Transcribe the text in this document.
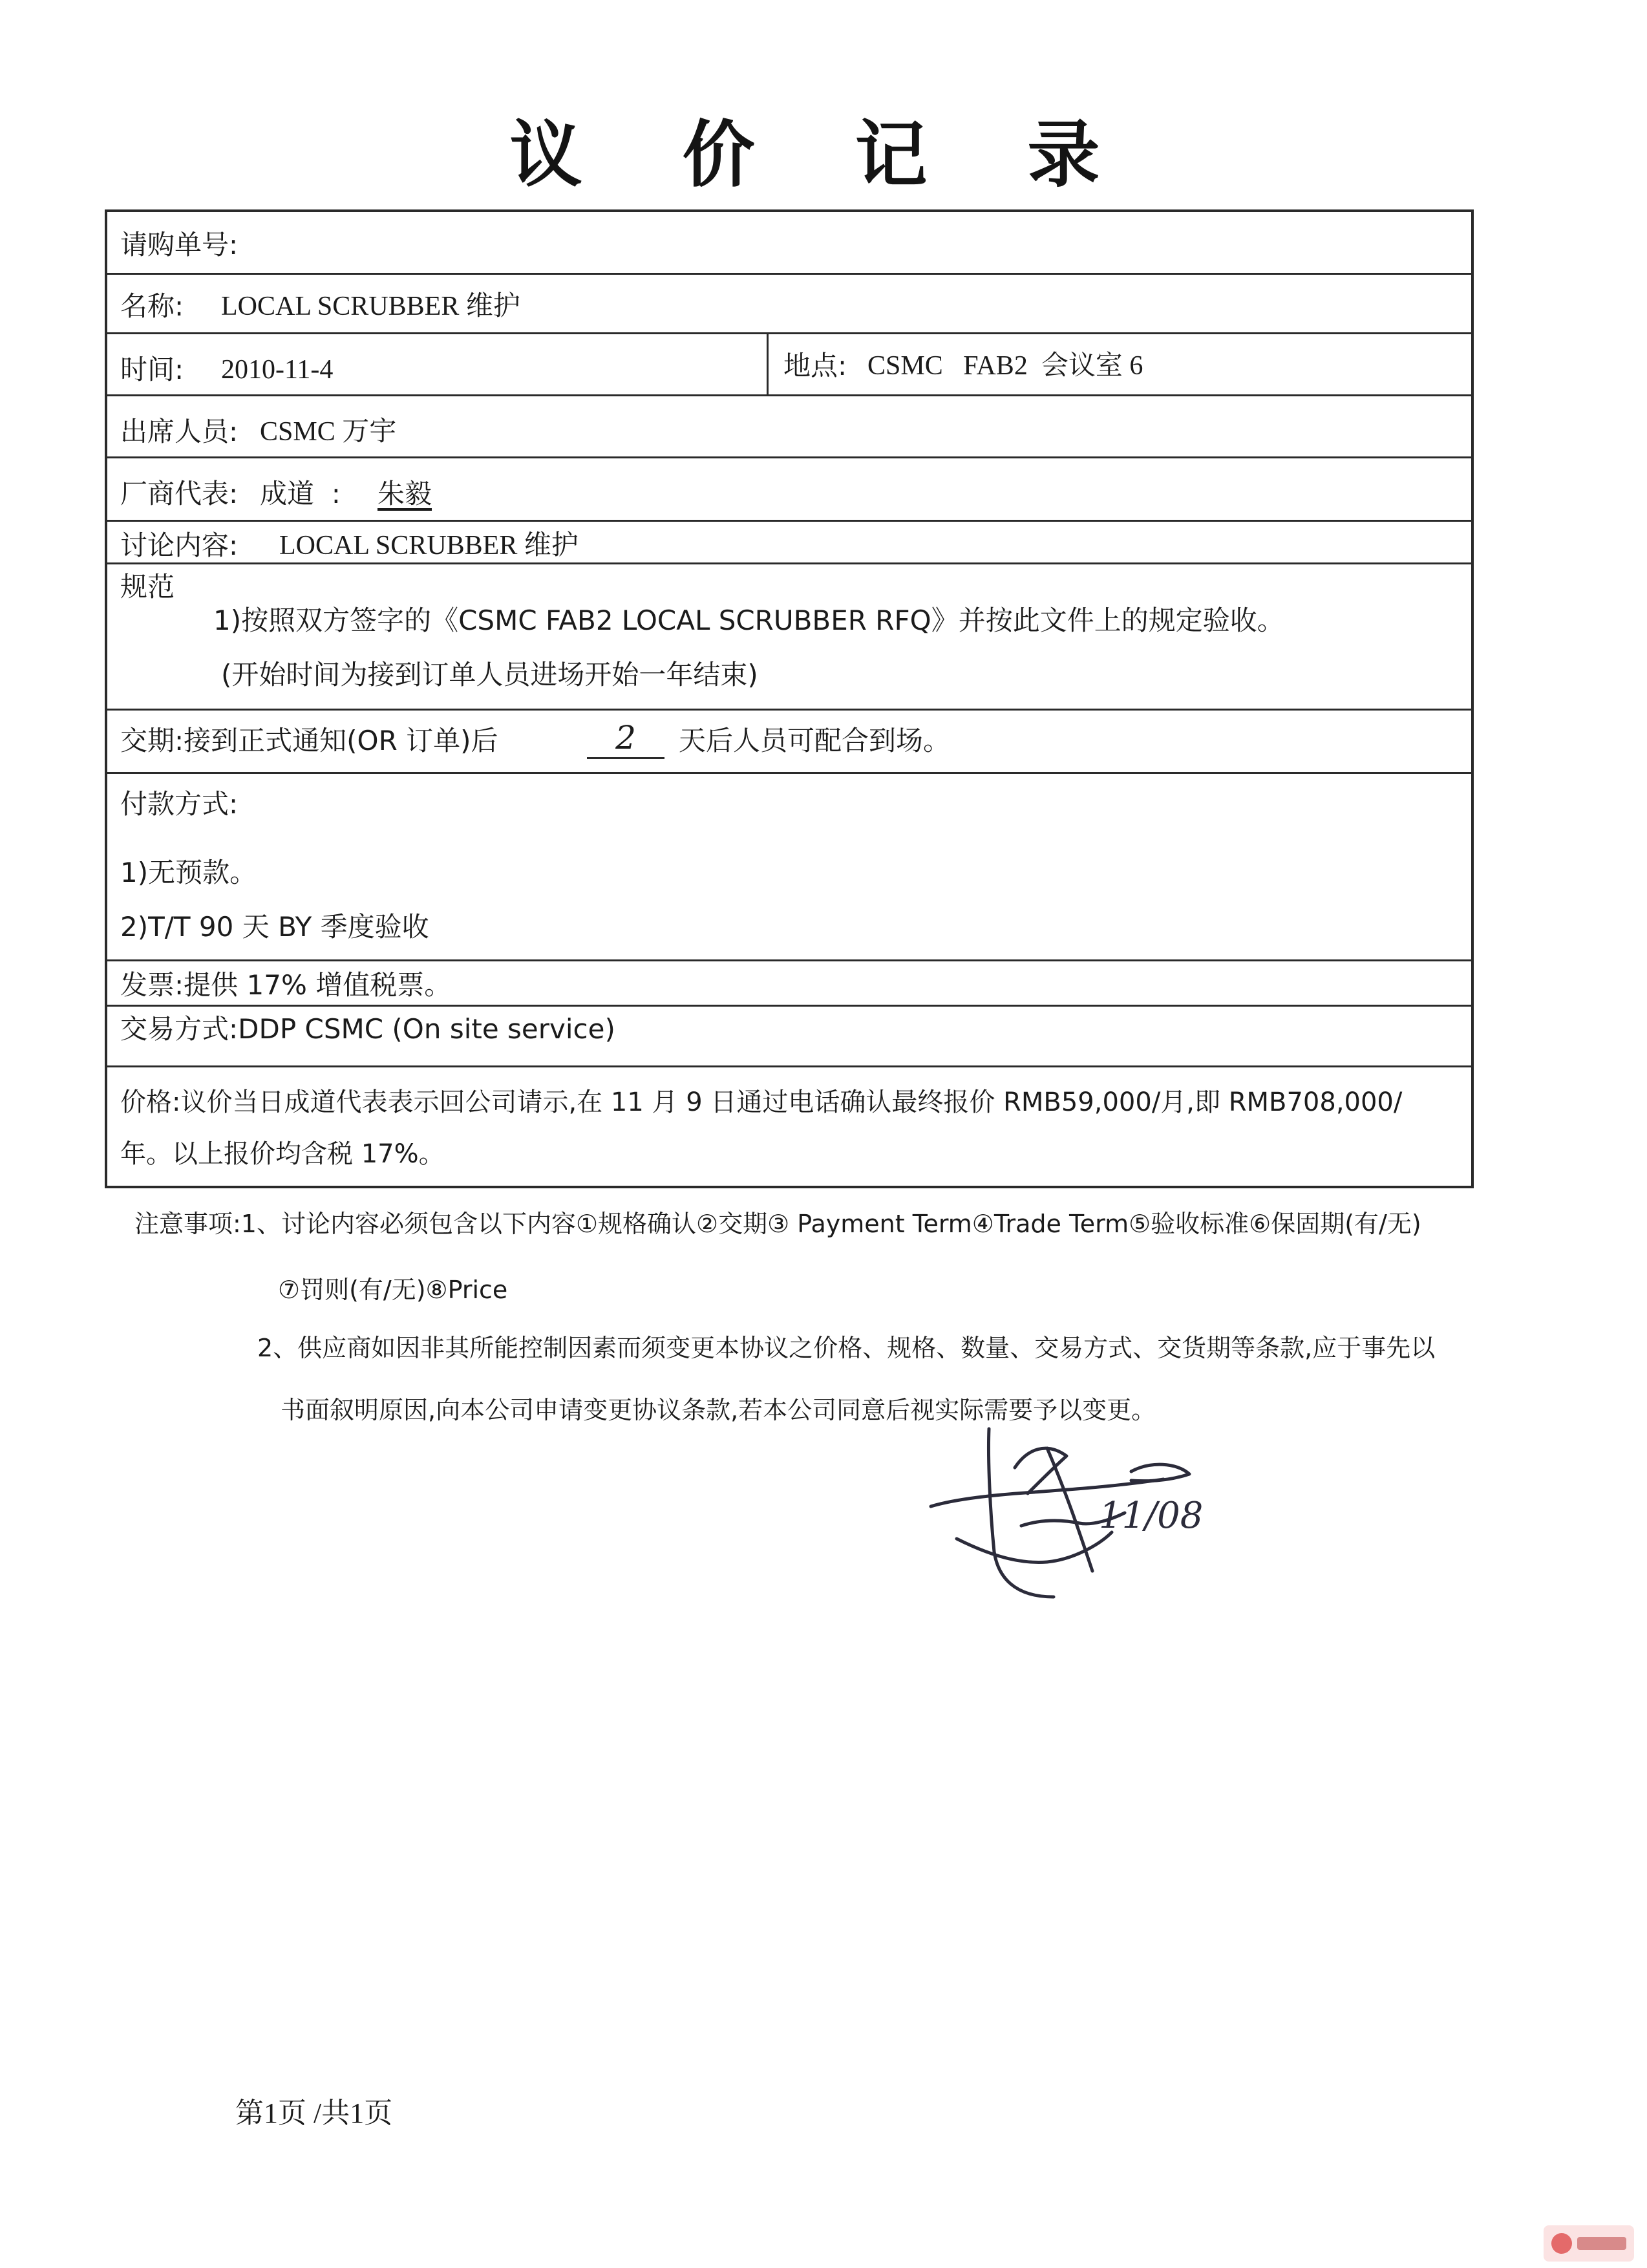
议 价 记 录
请购单号:
名称: LOCAL SCRUBBER 维护
时间: 2010-11-4	地点: CSMC   FAB2  会议室 6
出席人员: CSMC 万宇
厂商代表: 成道  : 朱毅
讨论内容: LOCAL SCRUBBER 维护
规范
1)按照双方签字的《CSMC FAB2 LOCAL SCRUBBER RFQ》并按此文件上的规定验收。
(开始时间为接到订单人员进场开始一年结束)
交期:接到正式通知(OR 订单)后	2	天后人员可配合到场。
付款方式:
1)无预款。
2)T/T 90 天 BY 季度验收
发票:提供 17% 增值税票。
交易方式:DDP CSMC (On site service)
价格:议价当日成道代表表示回公司请示,在 11 月 9 日通过电话确认最终报价 RMB59,000/月,即 RMB708,000/
年。以上报价均含税 17%。
注意事项:1、讨论内容必须包含以下内容①规格确认②交期③ Payment Term④Trade Term⑤验收标准⑥保固期(有/无)
⑦罚则(有/无)⑧Price
2、供应商如因非其所能控制因素而须变更本协议之价格、规格、数量、交易方式、交货期等条款,应于事先以
书面叙明原因,向本公司申请变更协议条款,若本公司同意后视实际需要予以变更。
11/08
第1页 /共1页
